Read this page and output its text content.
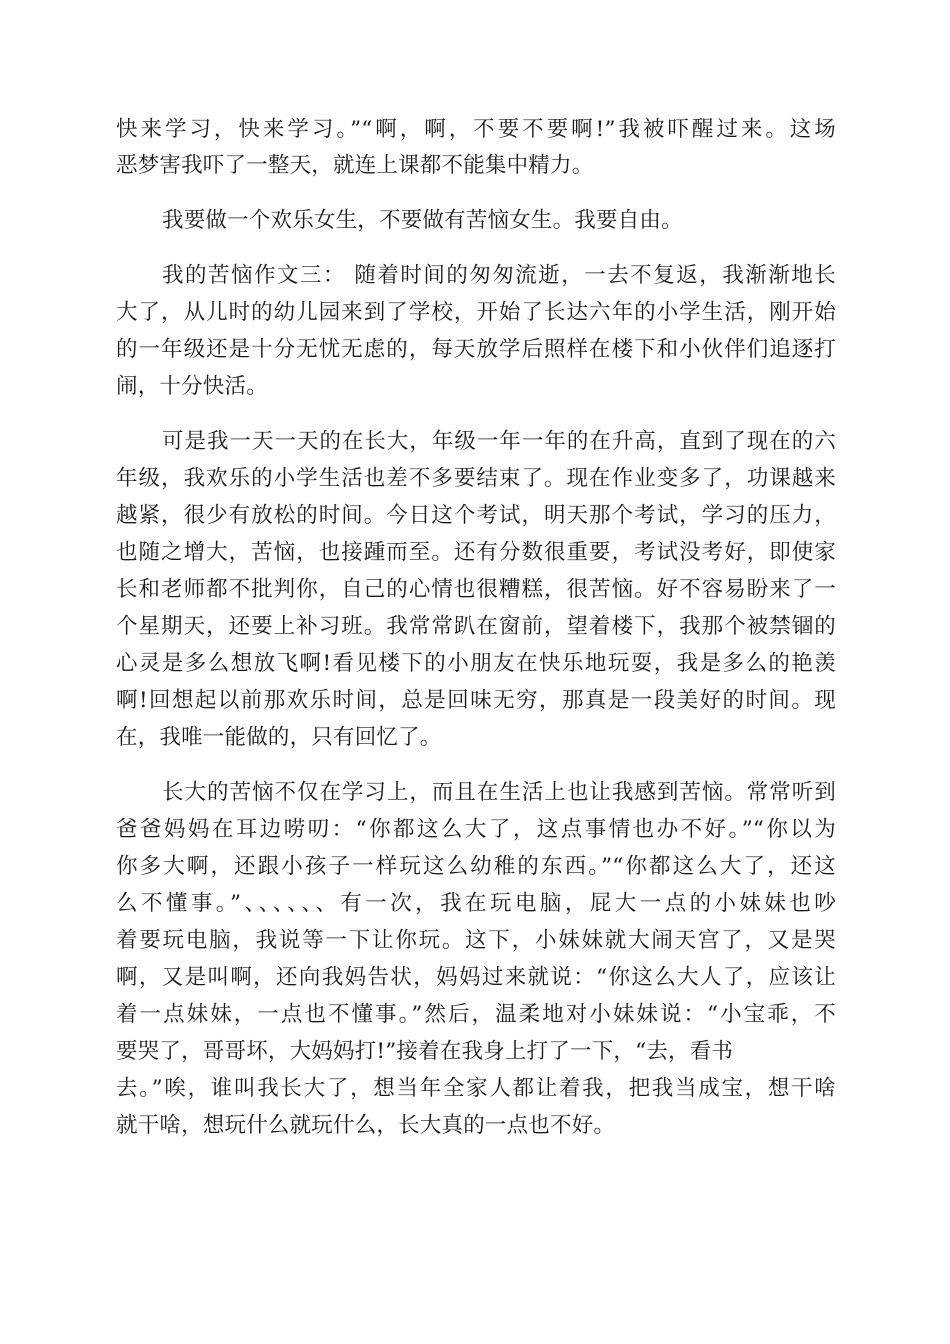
快来学习，快来学习。”“啊，啊，不要不要啊!”我被吓醒过来。这场
恶梦害我吓了一整天，就连上课都不能集中精力。
我要做一个欢乐女生，不要做有苦恼女生。我要自由。
我的苦恼作文三： 随着时间的匆匆流逝，一去不复返，我渐渐地长
大了，从儿时的幼儿园来到了学校，开始了长达六年的小学生活，刚开始
的一年级还是十分无忧无虑的，每天放学后照样在楼下和小伙伴们追逐打
闹，十分快活。
可是我一天一天的在长大，年级一年一年的在升高，直到了现在的六
年级，我欢乐的小学生活也差不多要结束了。现在作业变多了，功课越来
越紧，很少有放松的时间。今日这个考试，明天那个考试，学习的压力，
也随之增大，苦恼，也接踵而至。还有分数很重要，考试没考好，即使家
长和老师都不批判你，自己的心情也很糟糕，很苦恼。好不容易盼来了一
个星期天，还要上补习班。我常常趴在窗前，望着楼下，我那个被禁锢的
心灵是多么想放飞啊!看见楼下的小朋友在快乐地玩耍，我是多么的艳羡
啊!回想起以前那欢乐时间，总是回味无穷，那真是一段美好的时间。现
在，我唯一能做的，只有回忆了。
长大的苦恼不仅在学习上，而且在生活上也让我感到苦恼。常常听到
爸爸妈妈在耳边唠叨：“你都这么大了，这点事情也办不好。”“你以为
你多大啊，还跟小孩子一样玩这么幼稚的东西。”“你都这么大了，还这
么不懂事。”、、、、、、有一次，我在玩电脑，屁大一点的小妹妹也吵
着要玩电脑，我说等一下让你玩。这下，小妹妹就大闹天宫了，又是哭
啊，又是叫啊，还向我妈告状，妈妈过来就说：“你这么大人了，应该让
着一点妹妹，一点也不懂事。”然后，温柔地对小妹妹说：“小宝乖，不
要哭了，哥哥坏，大妈妈打!”接着在我身上打了一下，“去，看书
去。”唉，谁叫我长大了，想当年全家人都让着我，把我当成宝，想干啥
就干啥，想玩什么就玩什么，长大真的一点也不好。
